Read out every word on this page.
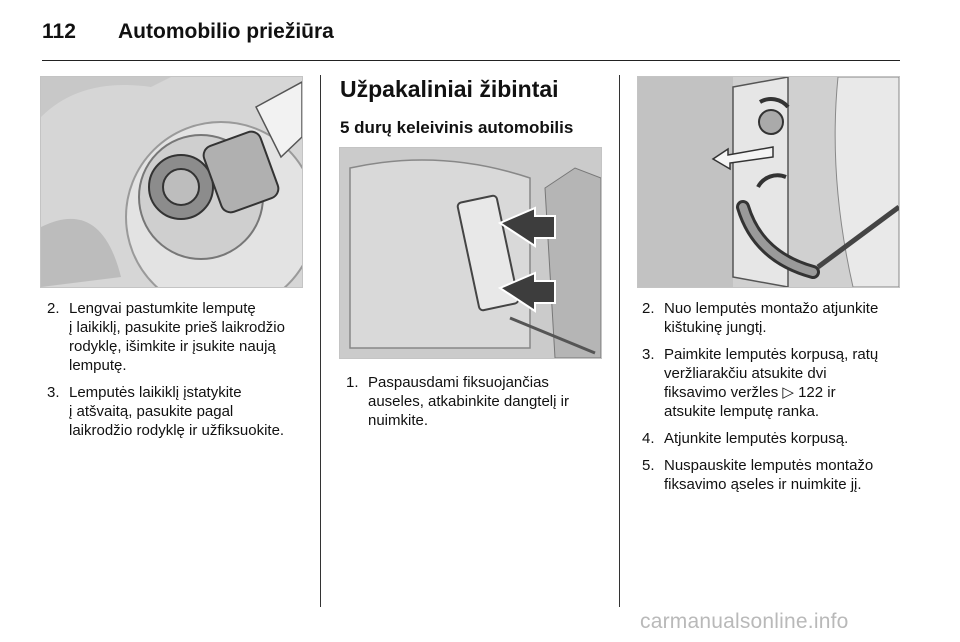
112 Automobilio priežiūra
2. Lengvai pastumkite lemputę
į laikiklį, pasukite prieš laikrodžio
rodyklę, išimkite ir įsukite naują
lemputę.
3. Lemputės laikiklį įstatykite
į atšvaitą, pasukite pagal
laikrodžio rodyklę ir užfiksuokite.
Užpakaliniai žibintai
5 durų keleivinis automobilis
1. Paspausdami fiksuojančias
auseles, atkabinkite dangtelį ir
nuimkite.
2. Nuo lemputės montažo atjunkite
kištukinę jungtį.
3. Paimkite lemputės korpusą, ratų
veržliarakčiu atsukite dvi
fiksavimo veržles ▷ 122 ir
atsukite lemputę ranka.
4. Atjunkite lemputės korpusą.
5. Nuspauskite lemputės montažo
fiksavimo ąseles ir nuimkite jį.
carmanualsonline.info
